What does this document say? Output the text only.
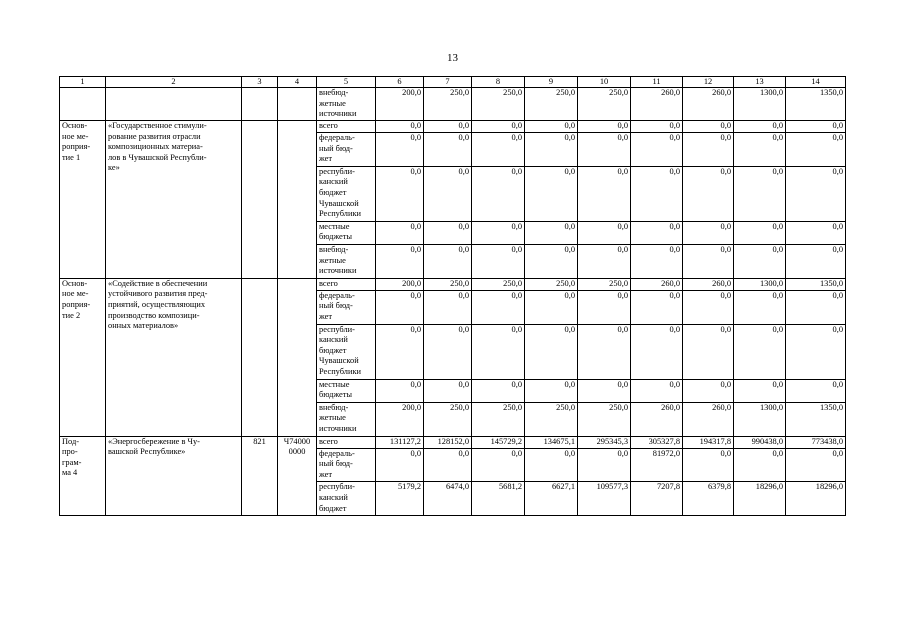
13
1	2	3	4	5	6	7	8	9	10	11	12	13	14
				внебюд-
жетные
источники	200,0	250,0	250,0	250,0	250,0	260,0	260,0	1300,0	1350,0
Основ-
ное ме-
роприя-
тие 1	«Государственное стимули-
рование развития отрасли
композиционных материа-
лов в Чувашской Республи-
ке»			всего	0,0	0,0	0,0	0,0	0,0	0,0	0,0	0,0	0,0
				федераль-
ный бюд-
жет	0,0	0,0	0,0	0,0	0,0	0,0	0,0	0,0	0,0
				республи-
канский
бюджет
Чувашской
Республики	0,0	0,0	0,0	0,0	0,0	0,0	0,0	0,0	0,0
				местные
бюджеты	0,0	0,0	0,0	0,0	0,0	0,0	0,0	0,0	0,0
				внебюд-
жетные
источники	0,0	0,0	0,0	0,0	0,0	0,0	0,0	0,0	0,0
Основ-
ное ме-
роприя-
тие 2	«Содействие в обеспечении
устойчивого развития пред-
приятий, осуществляющих
производство композици-
онных материалов»			всего	200,0	250,0	250,0	250,0	250,0	260,0	260,0	1300,0	1350,0
				федераль-
ный бюд-
жет	0,0	0,0	0,0	0,0	0,0	0,0	0,0	0,0	0,0
				республи-
канский
бюджет
Чувашской
Республики	0,0	0,0	0,0	0,0	0,0	0,0	0,0	0,0	0,0
				местные
бюджеты	0,0	0,0	0,0	0,0	0,0	0,0	0,0	0,0	0,0
				внебюд-
жетные
источники	200,0	250,0	250,0	250,0	250,0	260,0	260,0	1300,0	1350,0
Под-
про-
грам-
ма 4	«Энергосбережение в Чу-
вашской Республике»	821	Ч74000
0000	всего	131127,2	128152,0	145729,2	134675,1	295345,3	305327,8	194317,8	990438,0	773438,0
				федераль-
ный бюд-
жет	0,0	0,0	0,0	0,0	0,0	81972,0	0,0	0,0	0,0
				республи-
канский
бюджет	5179,2	6474,0	5681,2	6627,1	109577,3	7207,8	6379,8	18296,0	18296,0
